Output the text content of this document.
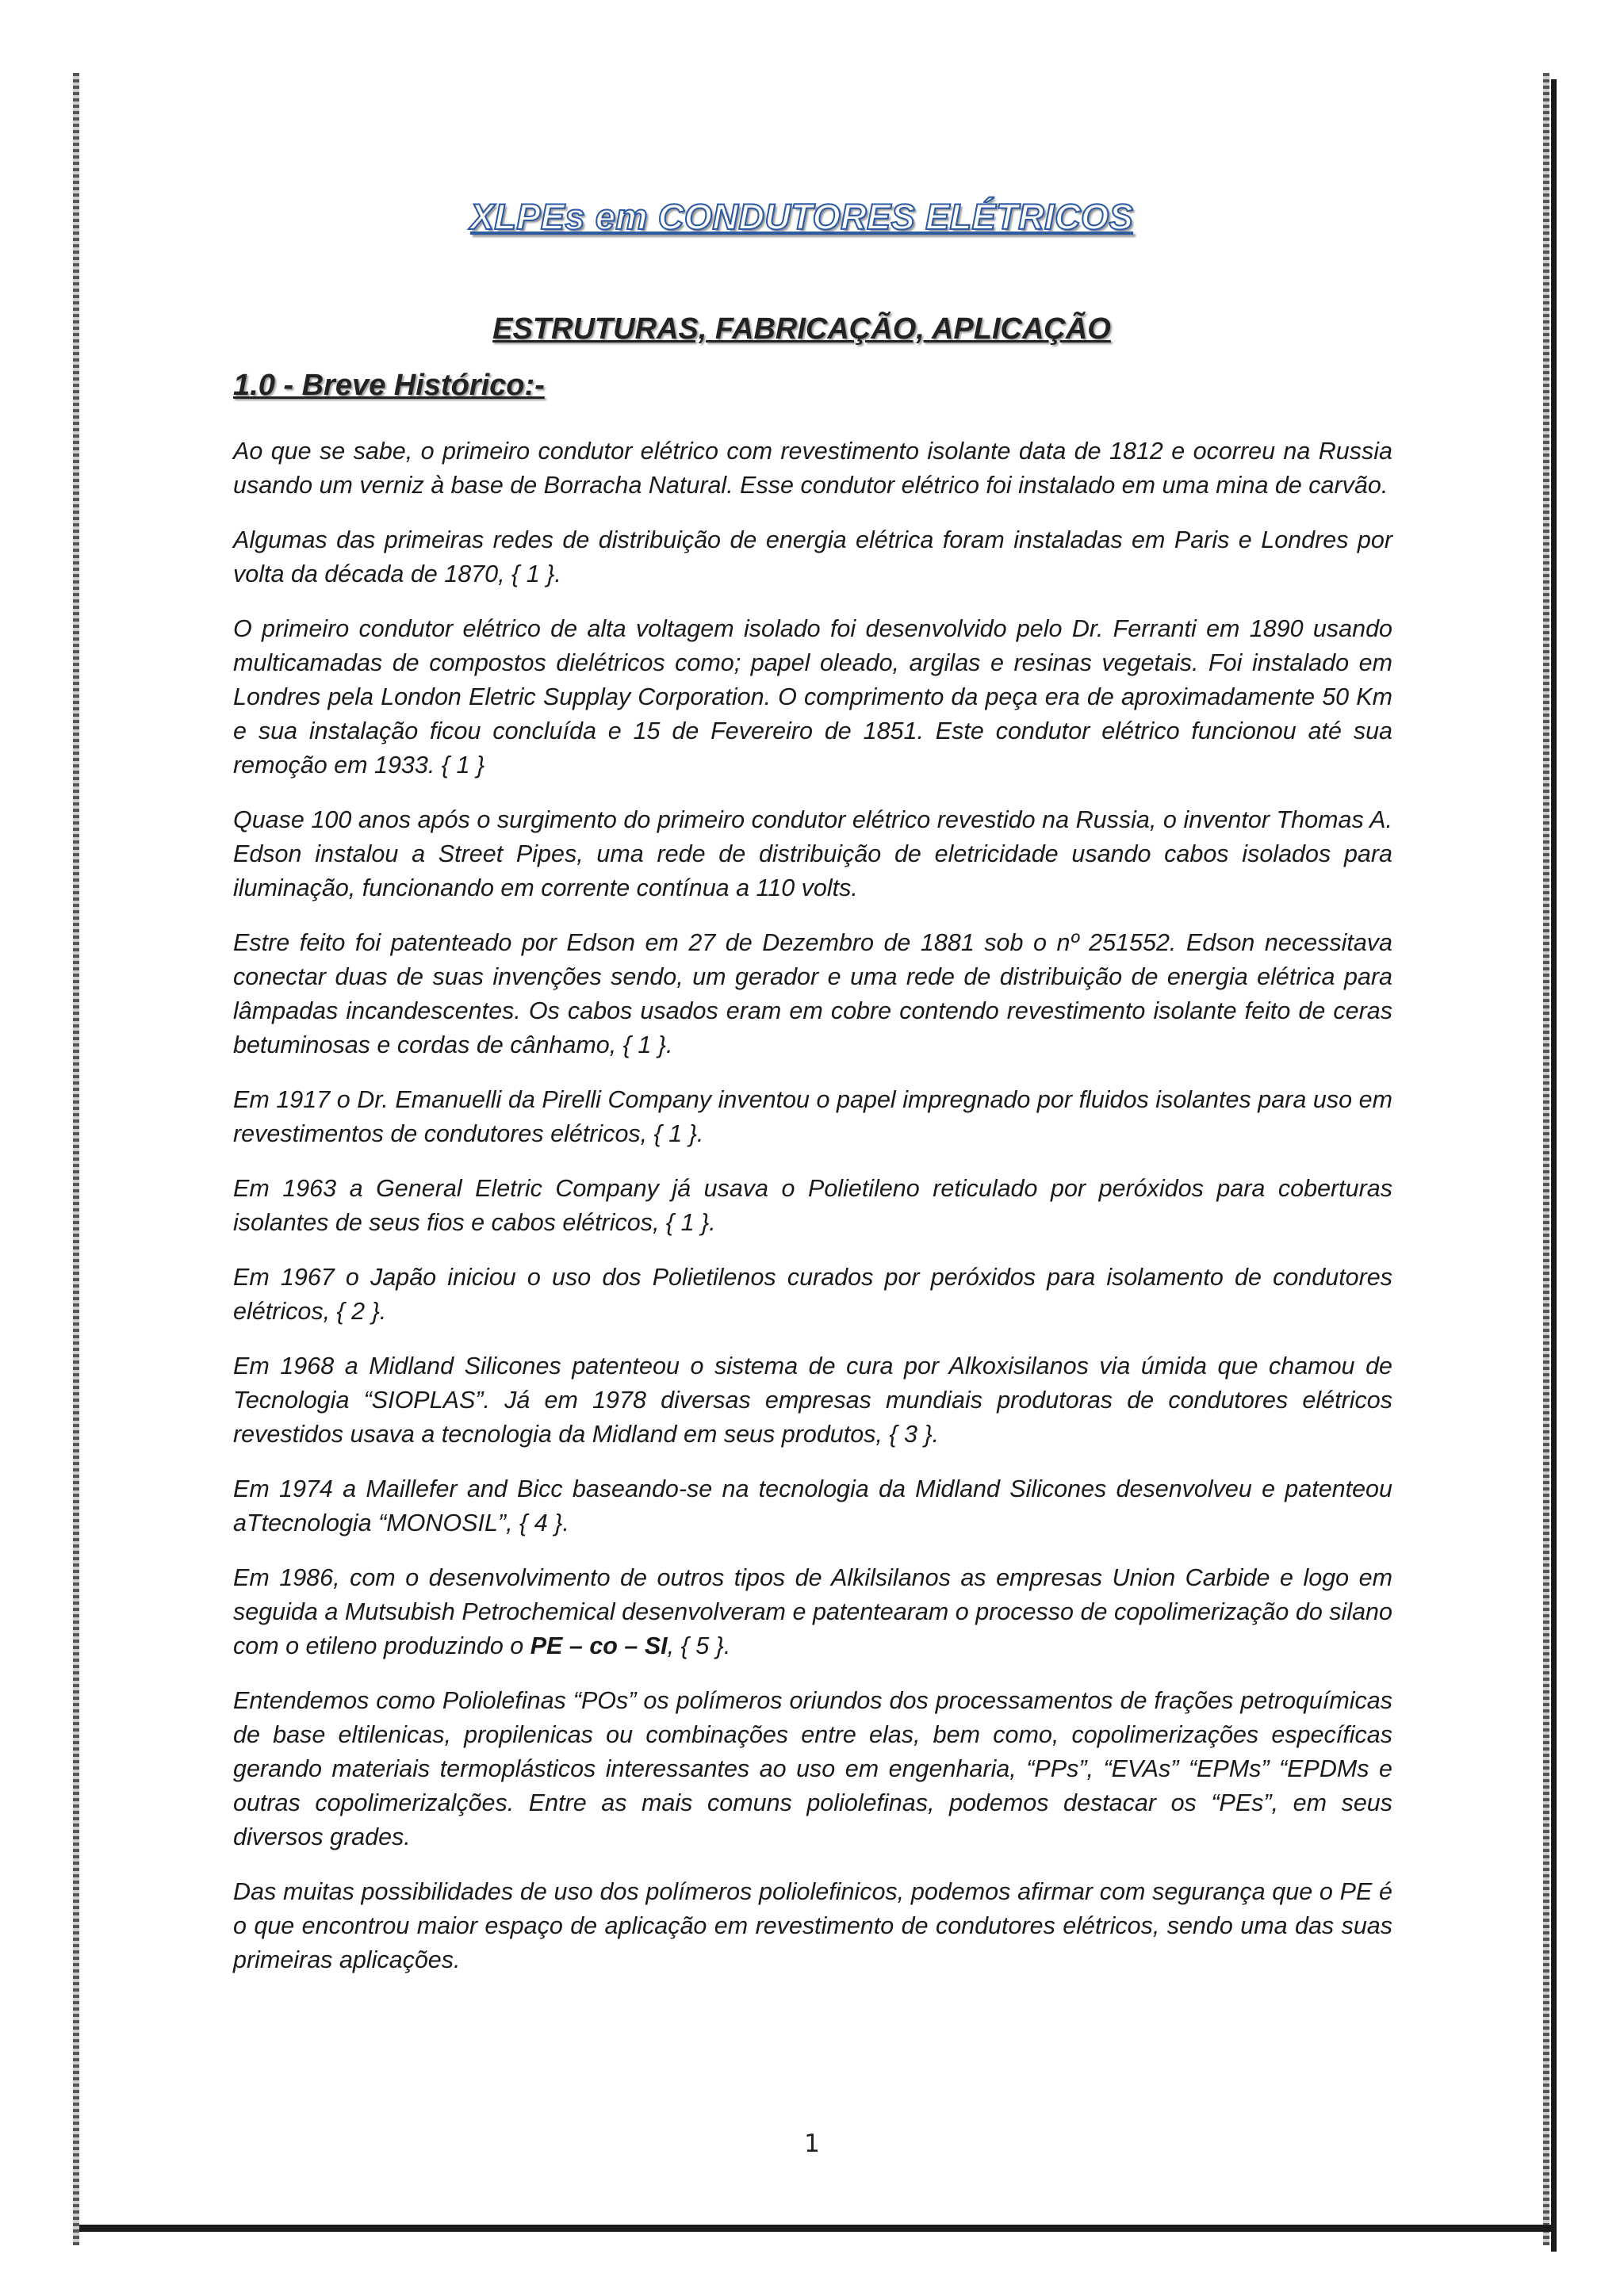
XLPEs em CONDUTORES ELÉTRICOS
ESTRUTURAS, FABRICAÇÃO, APLICAÇÃO
1.0 - Breve Histórico:-

Ao que se sabe, o primeiro condutor elétrico com revestimento isolante data de 1812 e ocorreu na Russia usando um verniz à base de Borracha Natural. Esse condutor elétrico foi instalado em uma mina de carvão.

Algumas das primeiras redes de distribuição de energia elétrica foram instaladas em Paris e Londres por volta da década de 1870, { 1 }.

O primeiro condutor elétrico de alta voltagem isolado foi desenvolvido pelo Dr. Ferranti em 1890 usando multicamadas de compostos dielétricos como; papel oleado, argilas e resinas vegetais. Foi instalado em Londres pela London Eletric Supplay Corporation. O comprimento da peça era de aproximadamente 50 Km e sua instalação ficou concluída e 15 de Fevereiro de 1851. Este condutor elétrico funcionou até sua remoção em 1933. { 1 }

Quase 100 anos após o surgimento do primeiro condutor elétrico revestido na Russia, o inventor Thomas A. Edson instalou a Street Pipes, uma rede de distribuição de eletricidade usando cabos isolados para iluminação, funcionando em corrente contínua a 110 volts.

Estre feito foi patenteado por Edson em 27 de Dezembro de 1881 sob o nº 251552. Edson necessitava conectar duas de suas invenções sendo, um gerador e uma rede de distribuição de energia elétrica para lâmpadas incandescentes. Os cabos usados eram em cobre contendo revestimento isolante feito de ceras betuminosas e cordas de cânhamo, { 1 }.

Em 1917 o Dr. Emanuelli da Pirelli Company inventou o papel impregnado por fluidos isolantes para uso em revestimentos de condutores elétricos, { 1 }.

Em 1963 a General Eletric Company já usava o Polietileno reticulado por peróxidos para coberturas isolantes de seus fios e cabos elétricos, { 1 }.

Em 1967 o Japão iniciou o uso dos Polietilenos curados por peróxidos para isolamento de condutores elétricos, { 2 }.

Em 1968 a Midland Silicones patenteou o sistema de cura por Alkoxisilanos via úmida que chamou de Tecnologia “SIOPLAS”. Já em 1978 diversas empresas mundiais produtoras de condutores elétricos revestidos usava a tecnologia da Midland em seus produtos, { 3 }.

Em 1974 a Maillefer and Bicc baseando-se na tecnologia da Midland Silicones desenvolveu e patenteou aTtecnologia “MONOSIL”, { 4 }.

Em 1986, com o desenvolvimento de outros tipos de Alkilsilanos as empresas Union Carbide e logo em seguida a Mutsubish Petrochemical desenvolveram e patentearam o processo de copolimerização do silano com o etileno produzindo o PE – co – SI, { 5 }.

Entendemos como Poliolefinas “POs” os polímeros oriundos dos processamentos de frações petroquímicas de base eltilenicas, propilenicas ou combinações entre elas, bem como, copolimerizações específicas gerando materiais termoplásticos interessantes ao uso em engenharia, “PPs”, “EVAs” “EPMs” “EPDMs e outras copolimerizalções. Entre as mais comuns poliolefinas, podemos destacar os “PEs”, em seus diversos grades.

Das muitas possibilidades de uso dos polímeros poliolefinicos, podemos afirmar com segurança que o PE é o que encontrou maior espaço de aplicação em revestimento de condutores elétricos, sendo uma das suas primeiras aplicações.

1
